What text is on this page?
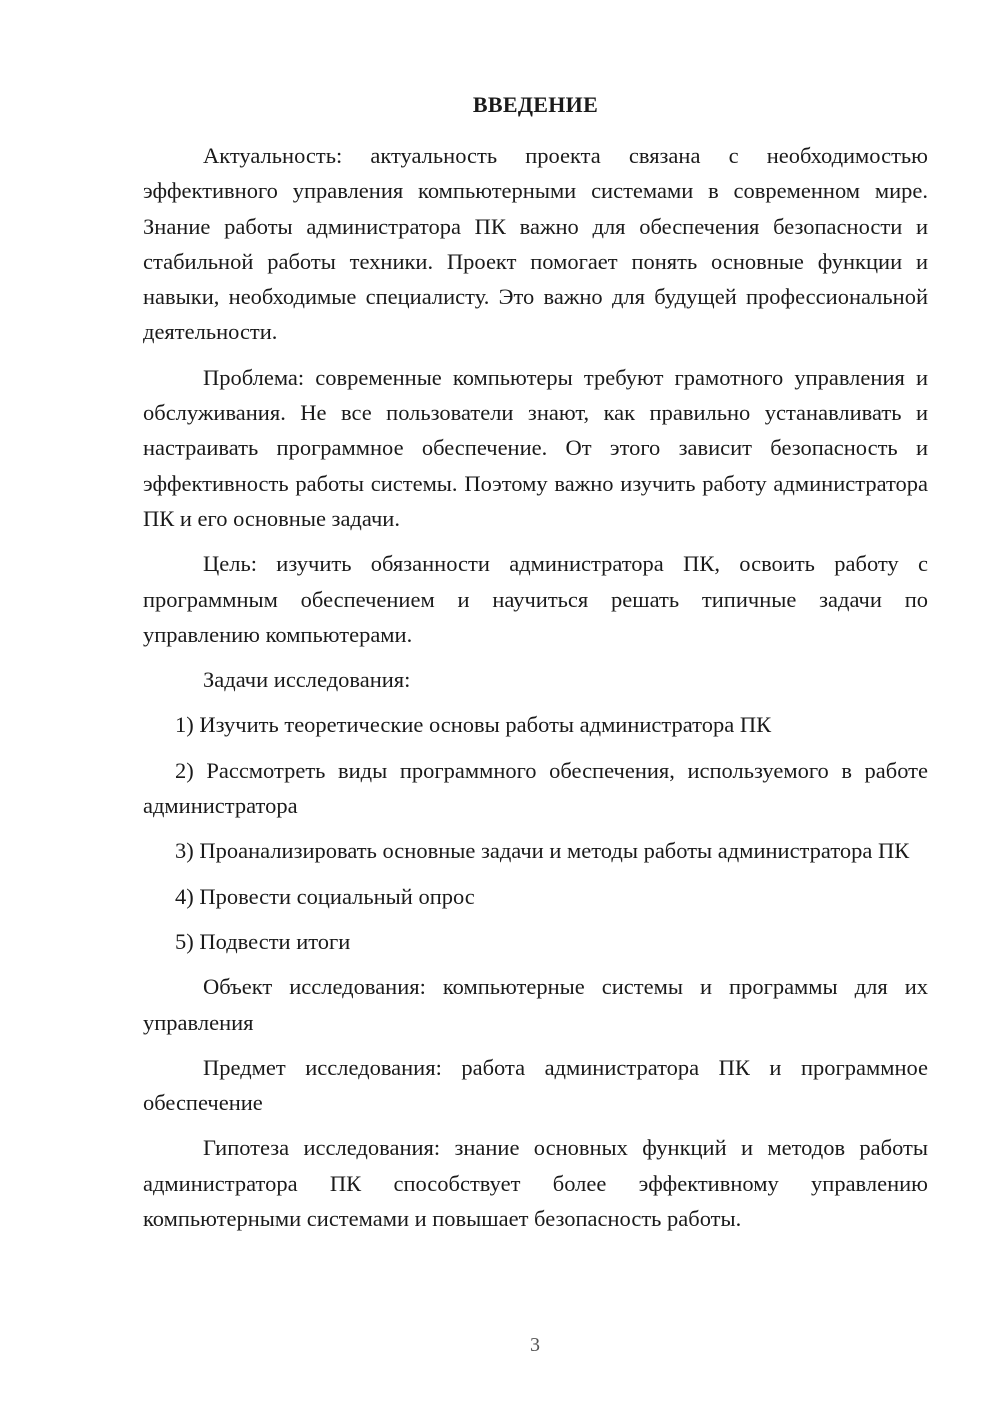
ВВЕДЕНИЕ

Актуальность: актуальность проекта связана с необходимостью эффективного управления компьютерными системами в современном мире. Знание работы администратора ПК важно для обеспечения безопасности и стабильной работы техники. Проект помогает понять основные функции и навыки, необходимые специалисту. Это важно для будущей профессиональной деятельности.

Проблема: современные компьютеры требуют грамотного управления и обслуживания. Не все пользователи знают, как правильно устанавливать и настраивать программное обеспечение. От этого зависит безопасность и эффективность работы системы. Поэтому важно изучить работу администратора ПК и его основные задачи.

Цель: изучить обязанности администратора ПК, освоить работу с программным обеспечением и научиться решать типичные задачи по управлению компьютерами.

Задачи исследования:

1) Изучить теоретические основы работы администратора ПК

2) Рассмотреть виды программного обеспечения, используемого в работе администратора

3) Проанализировать основные задачи и методы работы администратора ПК

4) Провести социальный опрос

5) Подвести итоги

Объект исследования: компьютерные системы и программы для их управления

Предмет исследования: работа администратора ПК и программное обеспечение

Гипотеза исследования: знание основных функций и методов работы администратора ПК способствует более эффективному управлению компьютерными системами и повышает безопасность работы.

3
